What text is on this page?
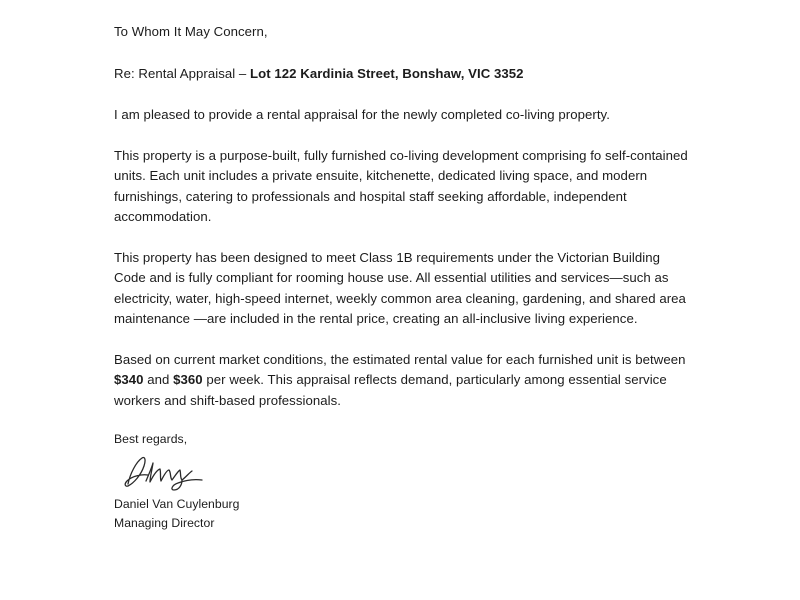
To Whom It May Concern,

Re: Rental Appraisal – Lot 122 Kardinia Street, Bonshaw, VIC 3352

I am pleased to provide a rental appraisal for the newly completed co-living property.

This property is a purpose-built, fully furnished co-living development comprising fo self-contained units. Each unit includes a private ensuite, kitchenette, dedicated living space, and modern furnishings, catering to professionals and hospital staff seeking affordable, independent accommodation.

This property has been designed to meet Class 1B requirements under the Victorian Building Code and is fully compliant for rooming house use. All essential utilities and services—such as electricity, water, high-speed internet, weekly common area cleaning, gardening, and shared area maintenance —are included in the rental price, creating an all-inclusive living experience.

Based on current market conditions, the estimated rental value for each furnished unit is between $340 and $360 per week. This appraisal reflects demand, particularly among essential service workers and shift-based professionals.

Best regards,

Daniel Van Cuylenburg

Managing Director
